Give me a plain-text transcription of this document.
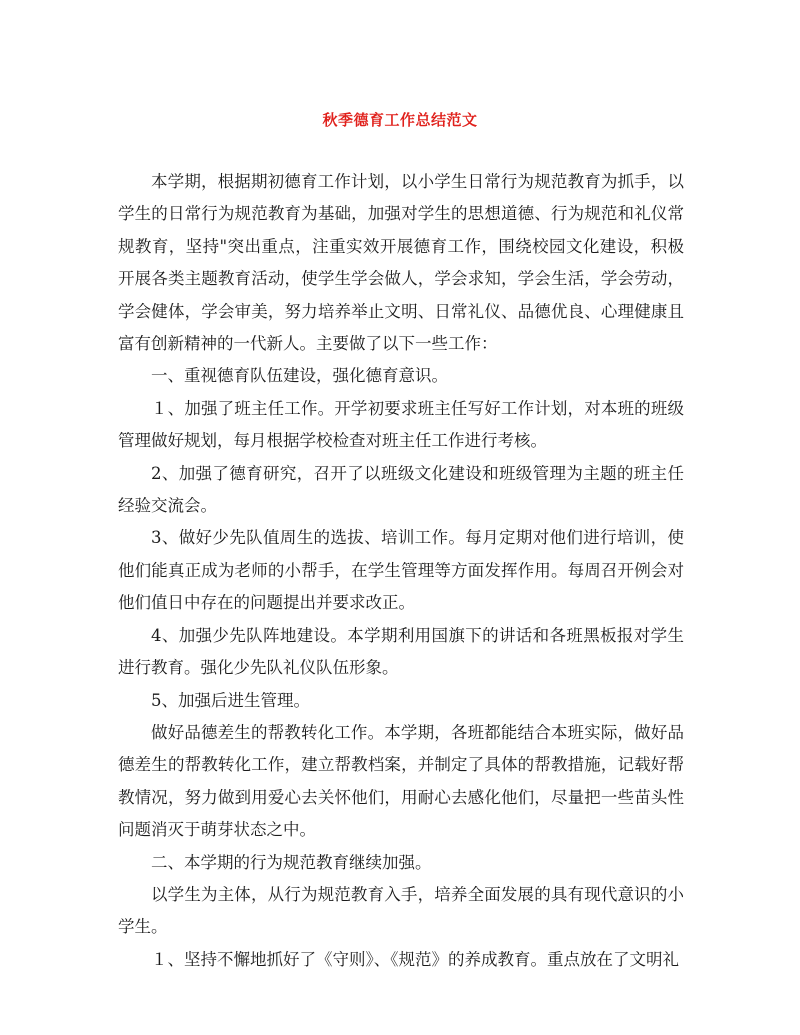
秋季德育工作总结范文

本学期，根据期初德育工作计划，以小学生日常行为规范教育为抓手，以学生的日常行为规范教育为基础，加强对学生的思想道德、行为规范和礼仪常规教育，坚持"突出重点，注重实效开展德育工作，围绕校园文化建设，积极开展各类主题教育活动，使学生学会做人，学会求知，学会生活，学会劳动，学会健体，学会审美，努力培养举止文明、日常礼仪、品德优良、心理健康且富有创新精神的一代新人。主要做了以下一些工作：

一、重视德育队伍建设，强化德育意识。

１、加强了班主任工作。开学初要求班主任写好工作计划，对本班的班级管理做好规划，每月根据学校检查对班主任工作进行考核。

2、加强了德育研究，召开了以班级文化建设和班级管理为主题的班主任经验交流会。

3、做好少先队值周生的选拔、培训工作。每月定期对他们进行培训，使他们能真正成为老师的小帮手，在学生管理等方面发挥作用。每周召开例会对他们值日中存在的问题提出并要求改正。

4、加强少先队阵地建设。本学期利用国旗下的讲话和各班黑板报对学生进行教育。强化少先队礼仪队伍形象。

5、加强后进生管理。

做好品德差生的帮教转化工作。本学期，各班都能结合本班实际，做好品德差生的帮教转化工作，建立帮教档案，并制定了具体的帮教措施，记载好帮教情况，努力做到用爱心去关怀他们，用耐心去感化他们，尽量把一些苗头性问题消灭于萌芽状态之中。

二、本学期的行为规范教育继续加强。

以学生为主体，从行为规范教育入手，培养全面发展的具有现代意识的小学生。

１、坚持不懈地抓好了《守则》、《规范》的养成教育。重点放在了文明礼
